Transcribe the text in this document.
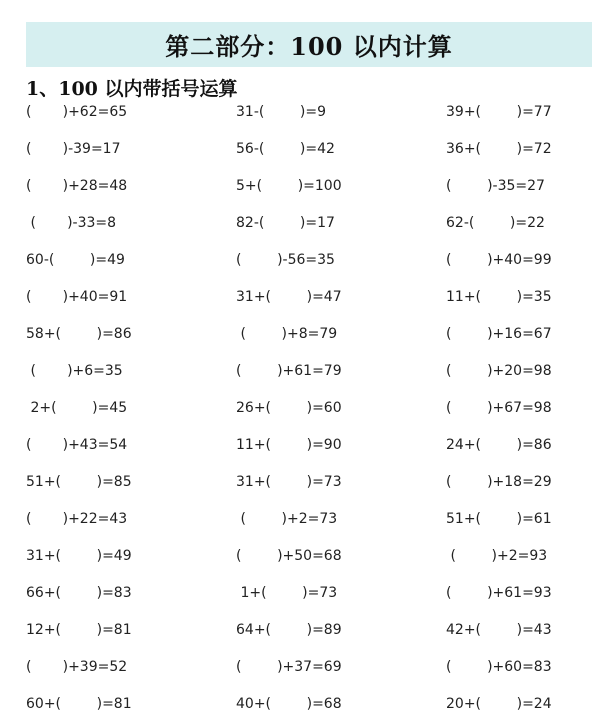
第二部分：100 以内计算
1、100 以内带括号运算
(       )+62=65	31-(        )=9	39+(        )=77
(       )-39=17	56-(        )=42	36+(        )=72
(       )+28=48	5+(        )=100	(        )-35=27
(       )-33=8	82-(        )=17	62-(        )=22
60-(        )=49	(        )-56=35	(        )+40=99
(       )+40=91	31+(        )=47	11+(        )=35
58+(        )=86	(        )+8=79	(        )+16=67
(       )+6=35	(        )+61=79	(        )+20=98
2+(        )=45	26+(        )=60	(        )+67=98
(       )+43=54	11+(        )=90	24+(        )=86
51+(        )=85	31+(        )=73	(        )+18=29
(       )+22=43	(        )+2=73	51+(        )=61
31+(        )=49	(        )+50=68	(        )+2=93
66+(        )=83	1+(        )=73	(        )+61=93
12+(        )=81	64+(        )=89	42+(        )=43
(       )+39=52	(        )+37=69	(        )+60=83
60+(        )=81	40+(        )=68	20+(        )=24
